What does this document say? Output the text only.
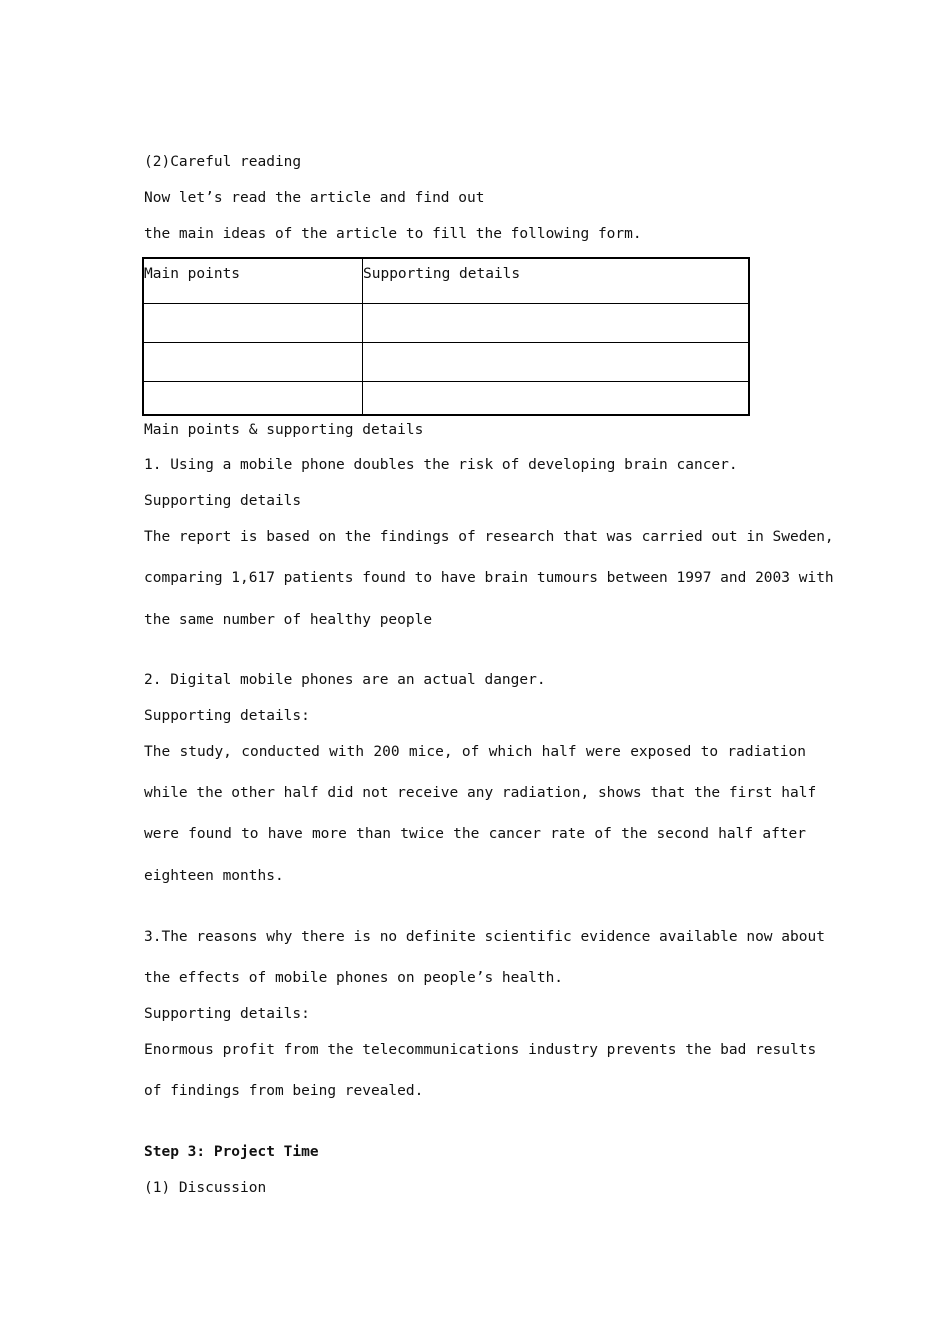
(2)Careful reading
Now let’s read the article and find out
the main ideas of the article to fill the following form.
Main points	Supporting details

Main points & supporting details
1. Using a mobile phone doubles the risk of developing brain cancer.
Supporting details
The report is based on the findings of research that was carried out in Sweden,
comparing 1,617 patients found to have brain tumours between 1997 and 2003 with
the same number of healthy people
2. Digital mobile phones are an actual danger.
Supporting details:
The study, conducted with 200 mice, of which half were exposed to radiation
while the other half did not receive any radiation, shows that the first half
were found to have more than twice the cancer rate of the second half after
eighteen months.
3.The reasons why there is no definite scientific evidence available now about
the effects of mobile phones on people’s health.
Supporting details:
Enormous profit from the telecommunications industry prevents the bad results
of findings from being revealed.
Step 3: Project Time
(1) Discussion
